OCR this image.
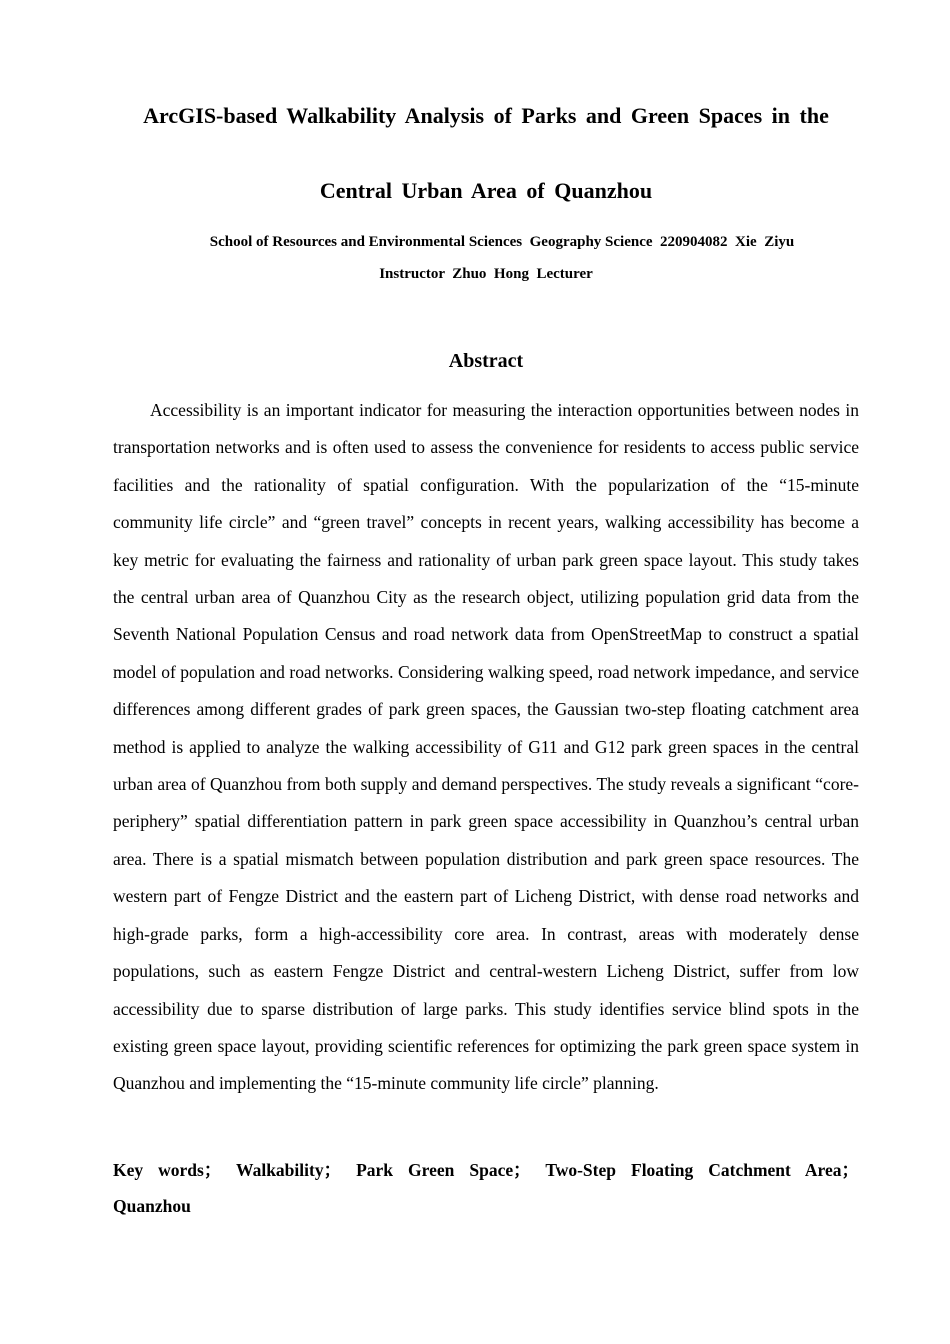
ArcGIS-based Walkability Analysis of Parks and Green Spaces in the
Central Urban Area of Quanzhou
School of Resources and Environmental Sciences  Geography Science  220904082  Xie  Ziyu
Instructor  Zhuo  Hong  Lecturer
Abstract

Accessibility is an important indicator for measuring the interaction opportunities between nodes in transportation networks and is often used to assess the convenience for residents to access public service facilities and the rationality of spatial configuration. With the popularization of the “15-minute community life circle” and “green travel” concepts in recent years, walking accessibility has become a key metric for evaluating the fairness and rationality of urban park green space layout. This study takes the central urban area of Quanzhou City as the research object, utilizing population grid data from the Seventh National Population Census and road network data from OpenStreetMap to construct a spatial model of population and road networks. Considering walking speed, road network impedance, and service differences among different grades of park green spaces, the Gaussian two-step floating catchment area method is applied to analyze the walking accessibility of G11 and G12 park green spaces in the central urban area of Quanzhou from both supply and demand perspectives. The study reveals a significant “core-periphery” spatial differentiation pattern in park green space accessibility in Quanzhou’s central urban area. There is a spatial mismatch between population distribution and park green space resources. The western part of Fengze District and the eastern part of Licheng District, with dense road networks and high-grade parks, form a high-accessibility core area. In contrast, areas with moderately dense populations, such as eastern Fengze District and central-western Licheng District, suffer from low accessibility due to sparse distribution of large parks. This study identifies service blind spots in the existing green space layout, providing scientific references for optimizing the park green space system in Quanzhou and implementing the “15-minute community life circle” planning.

Key words； Walkability； Park Green Space； Two-Step Floating Catchment Area； Quanzhou
